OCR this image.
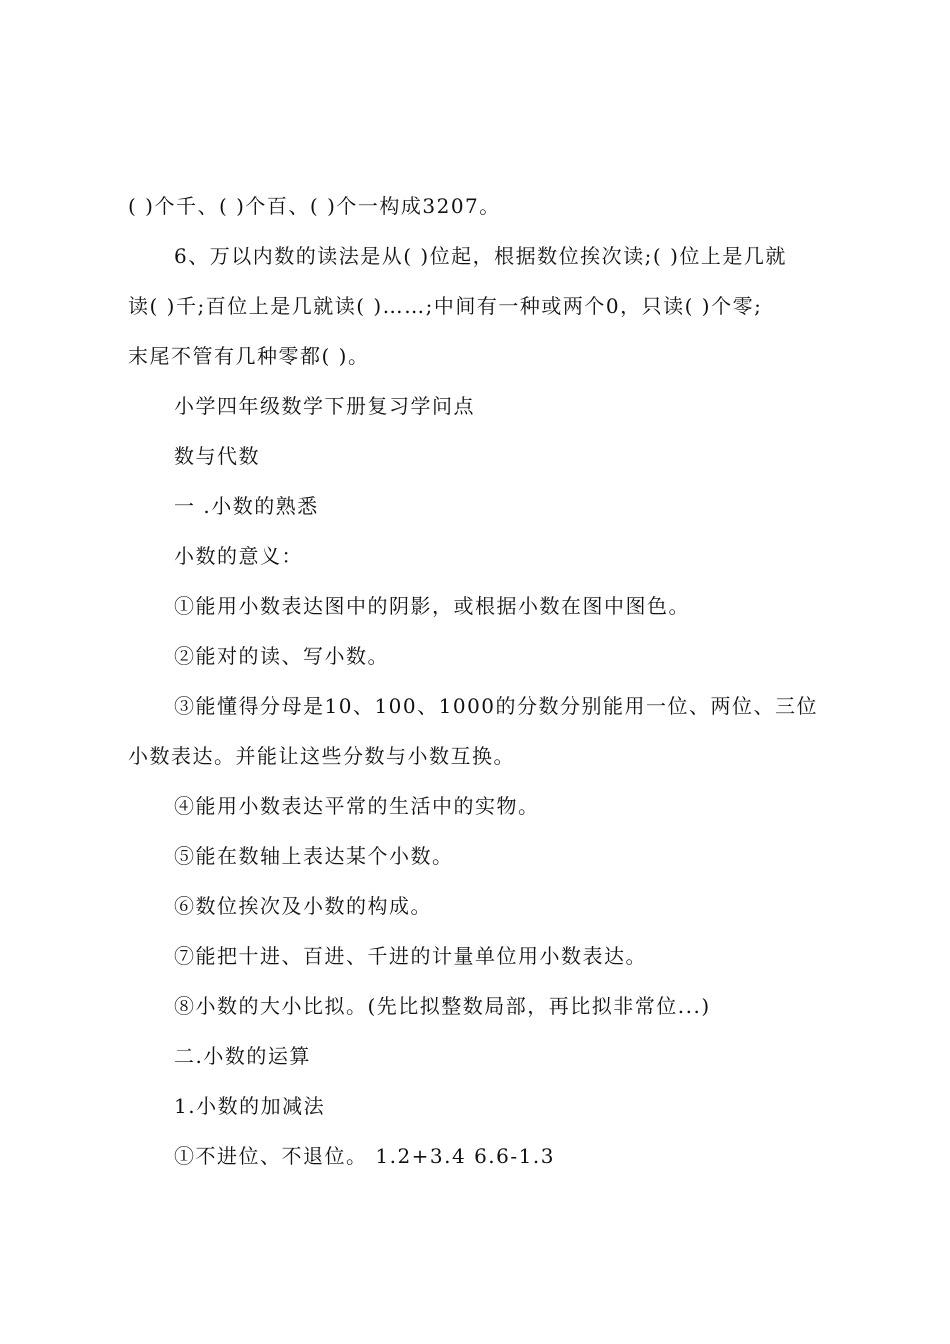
( )个千、( )个百、( )个一构成3207。
6、万以内数的读法是从( )位起，根据数位挨次读;( )位上是几就
读( )千;百位上是几就读( )……;中间有一种或两个0，只读( )个零;
末尾不管有几种零都( )。
小学四年级数学下册复习学问点
数与代数
一 .小数的熟悉
小数的意义：
①能用小数表达图中的阴影，或根据小数在图中图色。
②能对的读、写小数。
③能懂得分母是10、100、1000的分数分别能用一位、两位、三位
小数表达。并能让这些分数与小数互换。
④能用小数表达平常的生活中的实物。
⑤能在数轴上表达某个小数。
⑥数位挨次及小数的构成。
⑦能把十进、百进、千进的计量单位用小数表达。
⑧小数的大小比拟。(先比拟整数局部，再比拟非常位...)
二.小数的运算
1.小数的加减法
①不进位、不退位。 1.2+3.4 6.6-1.3
